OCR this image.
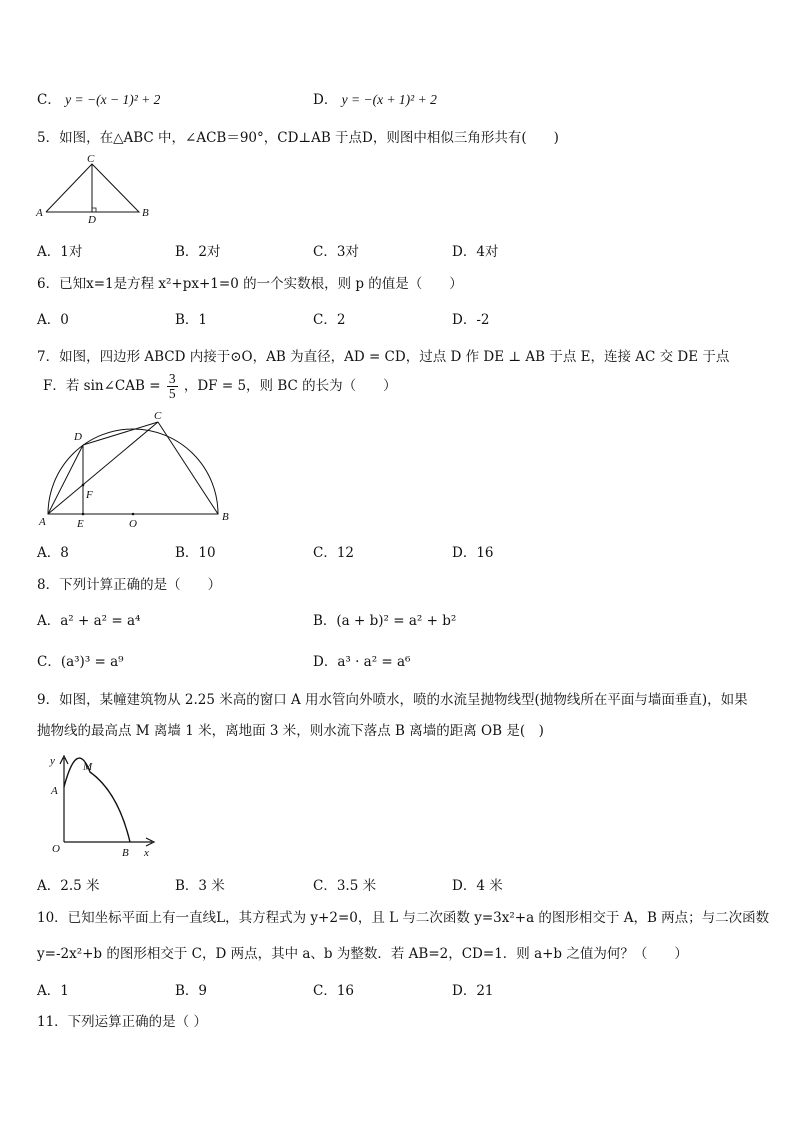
C． y = −(x − 1)² + 2	D． y = −(x + 1)² + 2
5．如图，在△ABC 中，∠ACB＝90°，CD⊥AB 于点D，则图中相似三角形共有(　　)
C
A	B
D
A．1对	B．2对	C．3对	D．4对
6．已知x=1是方程 x²+px+1=0 的一个实数根，则 p 的值是（　　）
A．0	B．1	C．2	D．-2
7．如图，四边形 ABCD 内接于⊙O，AB 为直径，AD = CD，过点 D 作 DE ⊥ AB 于点 E，连接 AC 交 DE 于点
F．若 sin∠CAB = $\frac{3}{5}$ ，DF = 5，则 BC 的长为（　　）
D
C
F
A	E	O
B
A．8	B．10	C．12	D．16
8．下列计算正确的是（　　）
A．a² + a² = a⁴	B．(a + b)² = a² + b²
C．(a³)³ = a⁹	D．a³ · a² = a⁶
9．如图，某幢建筑物从 2.25 米高的窗口 A 用水管向外喷水，喷的水流呈抛物线型(抛物线所在平面与墙面垂直)，如果
抛物线的最高点 M 离墙 1 米，离地面 3 米，则水流下落点 B 离墙的距离 OB 是(　)
y	M
A
O	B x
A．2.5 米	B．3 米	C．3.5 米	D．4 米
10．已知坐标平面上有一直线L，其方程式为 y+2=0，且 L 与二次函数 y=3x²+a 的图形相交于 A，B 两点；与二次函数
y=-2x²+b 的图形相交于 C，D 两点，其中 a、b 为整数．若 AB=2，CD=1．则 a+b 之值为何？（　　）
A．1	B．9	C．16	D．21
11．下列运算正确的是（ ）
